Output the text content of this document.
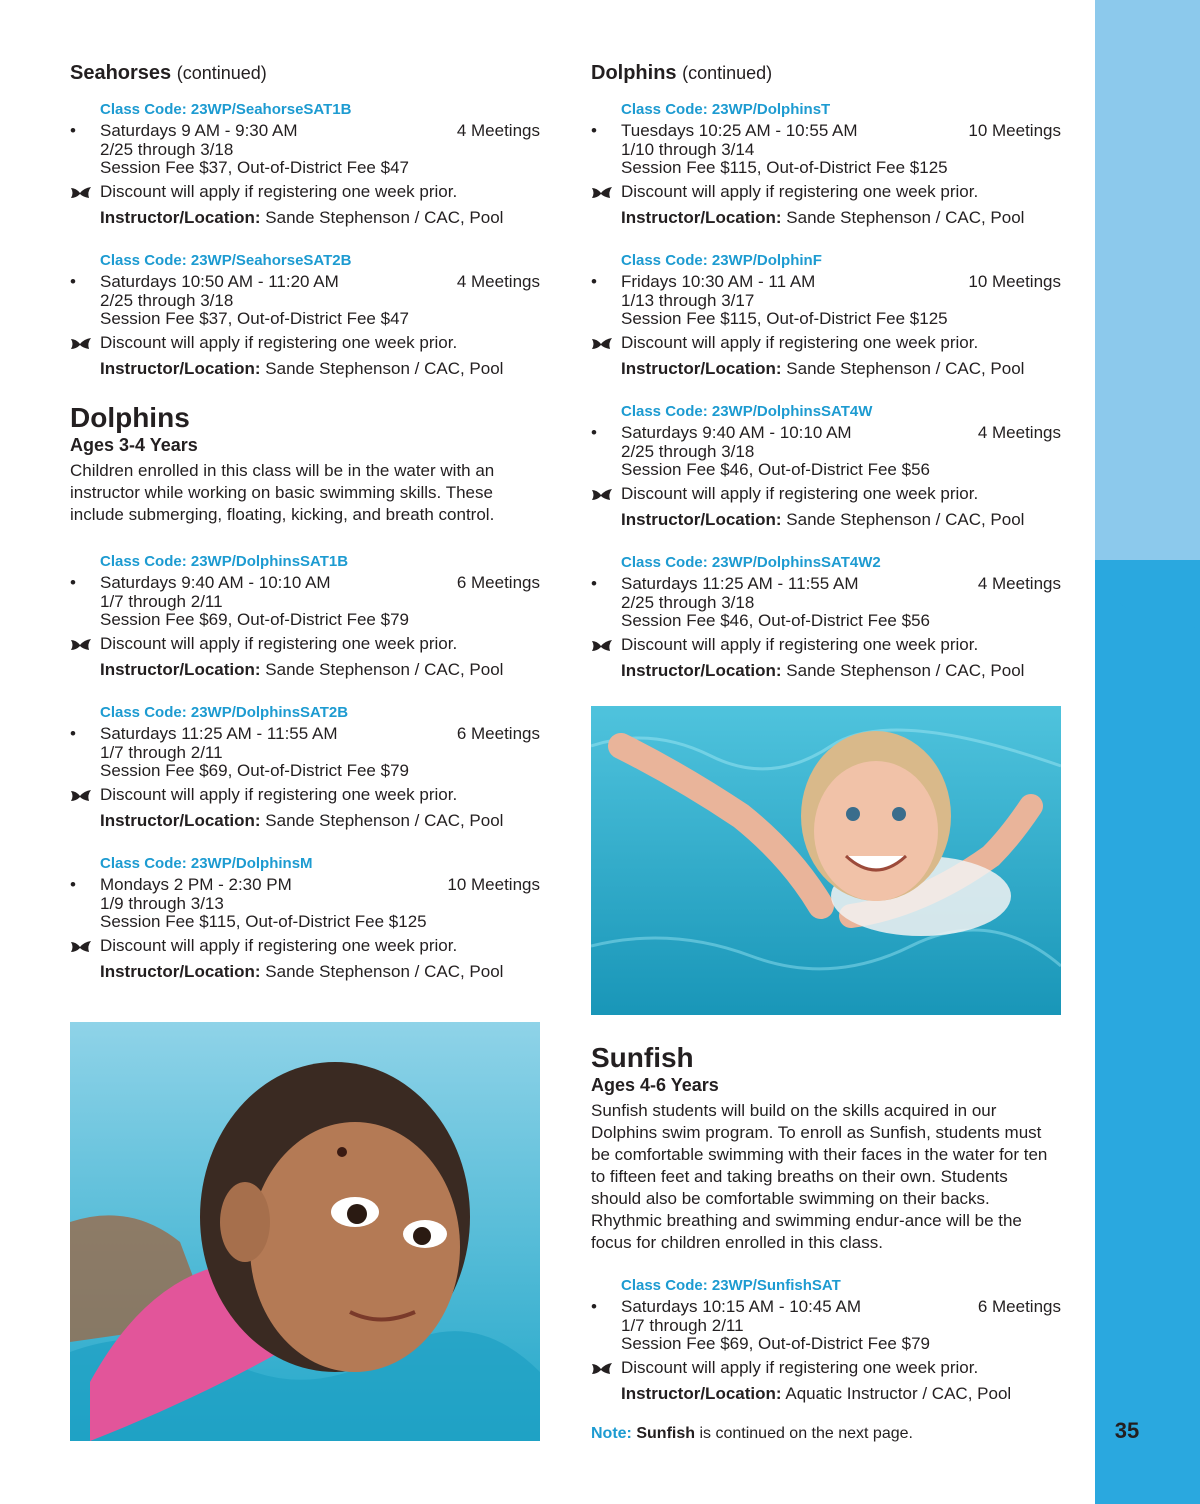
35
Seahorses (continued)
Class Code: 23WP/SeahorseSAT1B
• Saturdays 9 AM - 9:30 AM	4 Meetings
2/25 through 3/18
Session Fee $37, Out-of-District Fee $47
Discount will apply if registering one week prior.
Instructor/Location: Sande Stephenson / CAC, Pool
Class Code: 23WP/SeahorseSAT2B
• Saturdays 10:50 AM - 11:20 AM	4 Meetings
2/25 through 3/18
Session Fee $37, Out-of-District Fee $47
Discount will apply if registering one week prior.
Instructor/Location: Sande Stephenson / CAC, Pool
Dolphins
Ages 3-4 Years
Children enrolled in this class will be in the water with an instructor while working on basic swimming skills. These include submerging, floating, kicking, and breath control.
Class Code: 23WP/DolphinsSAT1B
• Saturdays 9:40 AM - 10:10 AM	6 Meetings
1/7 through 2/11
Session Fee $69, Out-of-District Fee $79
Discount will apply if registering one week prior.
Instructor/Location: Sande Stephenson / CAC, Pool
Class Code: 23WP/DolphinsSAT2B
• Saturdays 11:25 AM - 11:55 AM	6 Meetings
1/7 through 2/11
Session Fee $69, Out-of-District Fee $79
Discount will apply if registering one week prior.
Instructor/Location: Sande Stephenson / CAC, Pool
Class Code: 23WP/DolphinsM
• Mondays 2 PM - 2:30 PM	10 Meetings
1/9 through 3/13
Session Fee $115, Out-of-District Fee $125
Discount will apply if registering one week prior.
Instructor/Location: Sande Stephenson / CAC, Pool
Dolphins (continued)
Class Code: 23WP/DolphinsT
• Tuesdays 10:25 AM - 10:55 AM	10 Meetings
1/10 through 3/14
Session Fee $115, Out-of-District Fee $125
Discount will apply if registering one week prior.
Instructor/Location: Sande Stephenson / CAC, Pool
Class Code: 23WP/DolphinF
• Fridays 10:30 AM - 11 AM	10 Meetings
1/13 through 3/17
Session Fee $115, Out-of-District Fee $125
Discount will apply if registering one week prior.
Instructor/Location: Sande Stephenson / CAC, Pool
Class Code: 23WP/DolphinsSAT4W
• Saturdays 9:40 AM - 10:10 AM	4 Meetings
2/25 through 3/18
Session Fee $46, Out-of-District Fee $56
Discount will apply if registering one week prior.
Instructor/Location: Sande Stephenson / CAC, Pool
Class Code: 23WP/DolphinsSAT4W2
• Saturdays 11:25 AM - 11:55 AM	4 Meetings
2/25 through 3/18
Session Fee $46, Out-of-District Fee $56
Discount will apply if registering one week prior.
Instructor/Location: Sande Stephenson / CAC, Pool
Sunfish
Ages 4-6 Years
Sunfish students will build on the skills acquired in our Dolphins swim program. To enroll as Sunfish, students must be comfortable swimming with their faces in the water for ten to fifteen feet and taking breaths on their own. Students should also be comfortable swimming on their backs. Rhythmic breathing and swimming endur-ance will be the focus for children enrolled in this class.
Class Code: 23WP/SunfishSAT
• Saturdays 10:15 AM - 10:45 AM	6 Meetings
1/7 through 2/11
Session Fee $69, Out-of-District Fee $79
Discount will apply if registering one week prior.
Instructor/Location: Aquatic Instructor / CAC, Pool
Note: Sunfish is continued on the next page.
